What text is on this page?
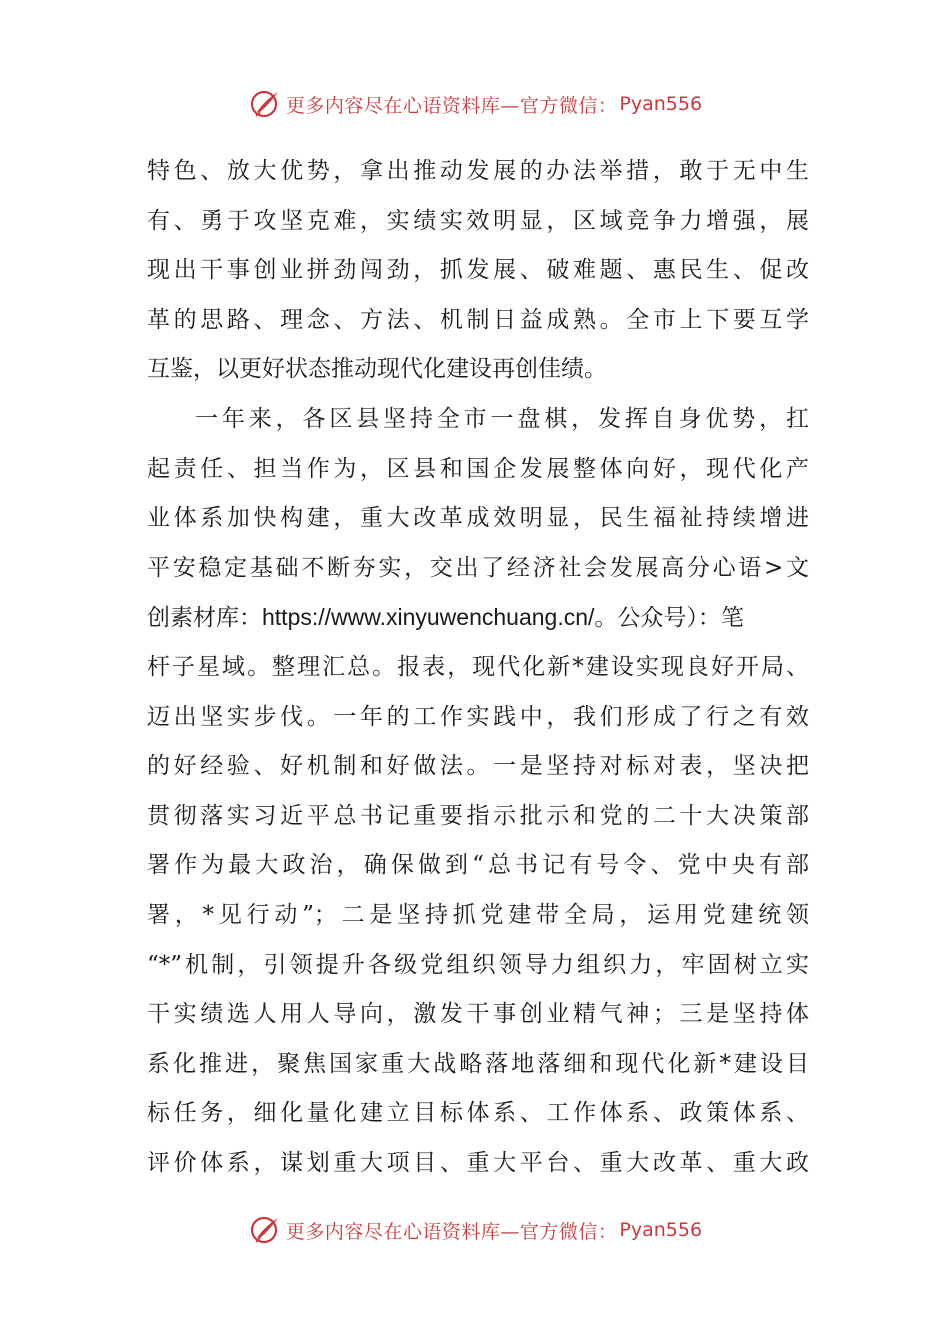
更多内容尽在心语资料库—官方微信： Pyan556
特色、放大优势，拿出推动发展的办法举措，敢于无中生
有、勇于攻坚克难，实绩实效明显，区域竞争力增强，展
现出干事创业拼劲闯劲，抓发展、破难题、惠民生、促改
革的思路、理念、方法、机制日益成熟。全市上下要互学
互鉴，以更好状态推动现代化建设再创佳绩。
一年来，各区县坚持全市一盘棋，发挥自身优势，扛
起责任、担当作为，区县和国企发展整体向好，现代化产
业体系加快构建，重大改革成效明显，民生福祉持续增进
平安稳定基础不断夯实，交出了经济社会发展高分心语>文
创素材库：https://www.xinyuwenchuang.cn/。公众号）：笔
杆子星域。整理汇总。报表，现代化新*建设实现良好开局、
迈出坚实步伐。一年的工作实践中，我们形成了行之有效
的好经验、好机制和好做法。一是坚持对标对表，坚决把
贯彻落实习近平总书记重要指示批示和党的二十大决策部
署作为最大政治，确保做到“总书记有号令、党中央有部
署，*见行动”；二是坚持抓党建带全局，运用党建统领
“*”机制，引领提升各级党组织领导力组织力，牢固树立实
干实绩选人用人导向，激发干事创业精气神；三是坚持体
系化推进，聚焦国家重大战略落地落细和现代化新*建设目
标任务，细化量化建立目标体系、工作体系、政策体系、
评价体系，谋划重大项目、重大平台、重大改革、重大政
更多内容尽在心语资料库—官方微信： Pyan556
